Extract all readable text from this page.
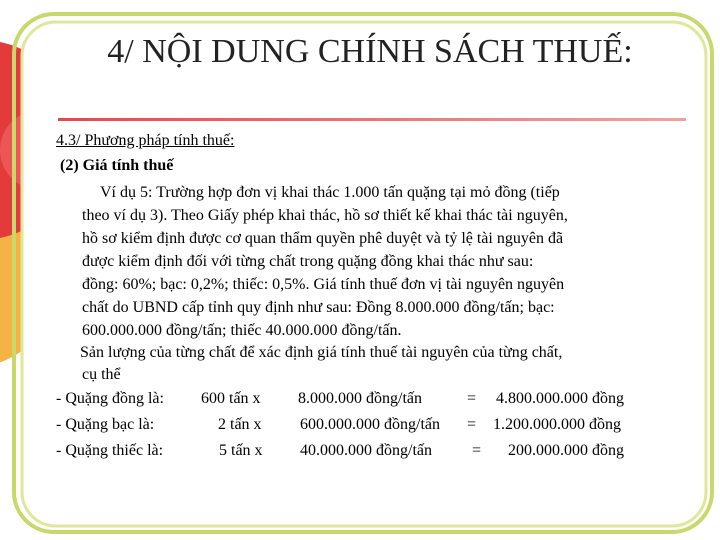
4/ NỘI DUNG CHÍNH SÁCH THUẾ:
4.3/ Phương pháp tính thuế:
(2) Giá tính thuế
Ví dụ 5: Trường hợp đơn vị khai thác 1.000 tấn quặng tại mỏ đồng (tiếp
theo ví dụ 3). Theo Giấy phép khai thác, hồ sơ thiết kế khai thác tài nguyên,
hồ sơ kiểm định được cơ quan thẩm quyền phê duyệt và tỷ lệ tài nguyên đã
được kiểm định đối với từng chất trong quặng đồng khai thác như sau:
đồng: 60%; bạc: 0,2%; thiếc: 0,5%. Giá tính thuế đơn vị tài nguyên nguyên
chất do UBND cấp tỉnh quy định như sau: Đồng 8.000.000 đồng/tấn; bạc:
600.000.000 đồng/tấn; thiếc 40.000.000 đồng/tấn.
Sản lượng của từng chất để xác định giá tính thuế tài nguyên của từng chất,
cụ thể
- Quặng đồng là: 600 tấn x 8.000.000 đồng/tấn	= 4.800.000.000 đồng
- Quặng bạc là:	2 tấn x 600.000.000 đồng/tấn = 1.200.000.000 đồng
- Quặng thiếc là:	5 tấn x 40.000.000 đồng/tấn	= 200.000.000 đồng
